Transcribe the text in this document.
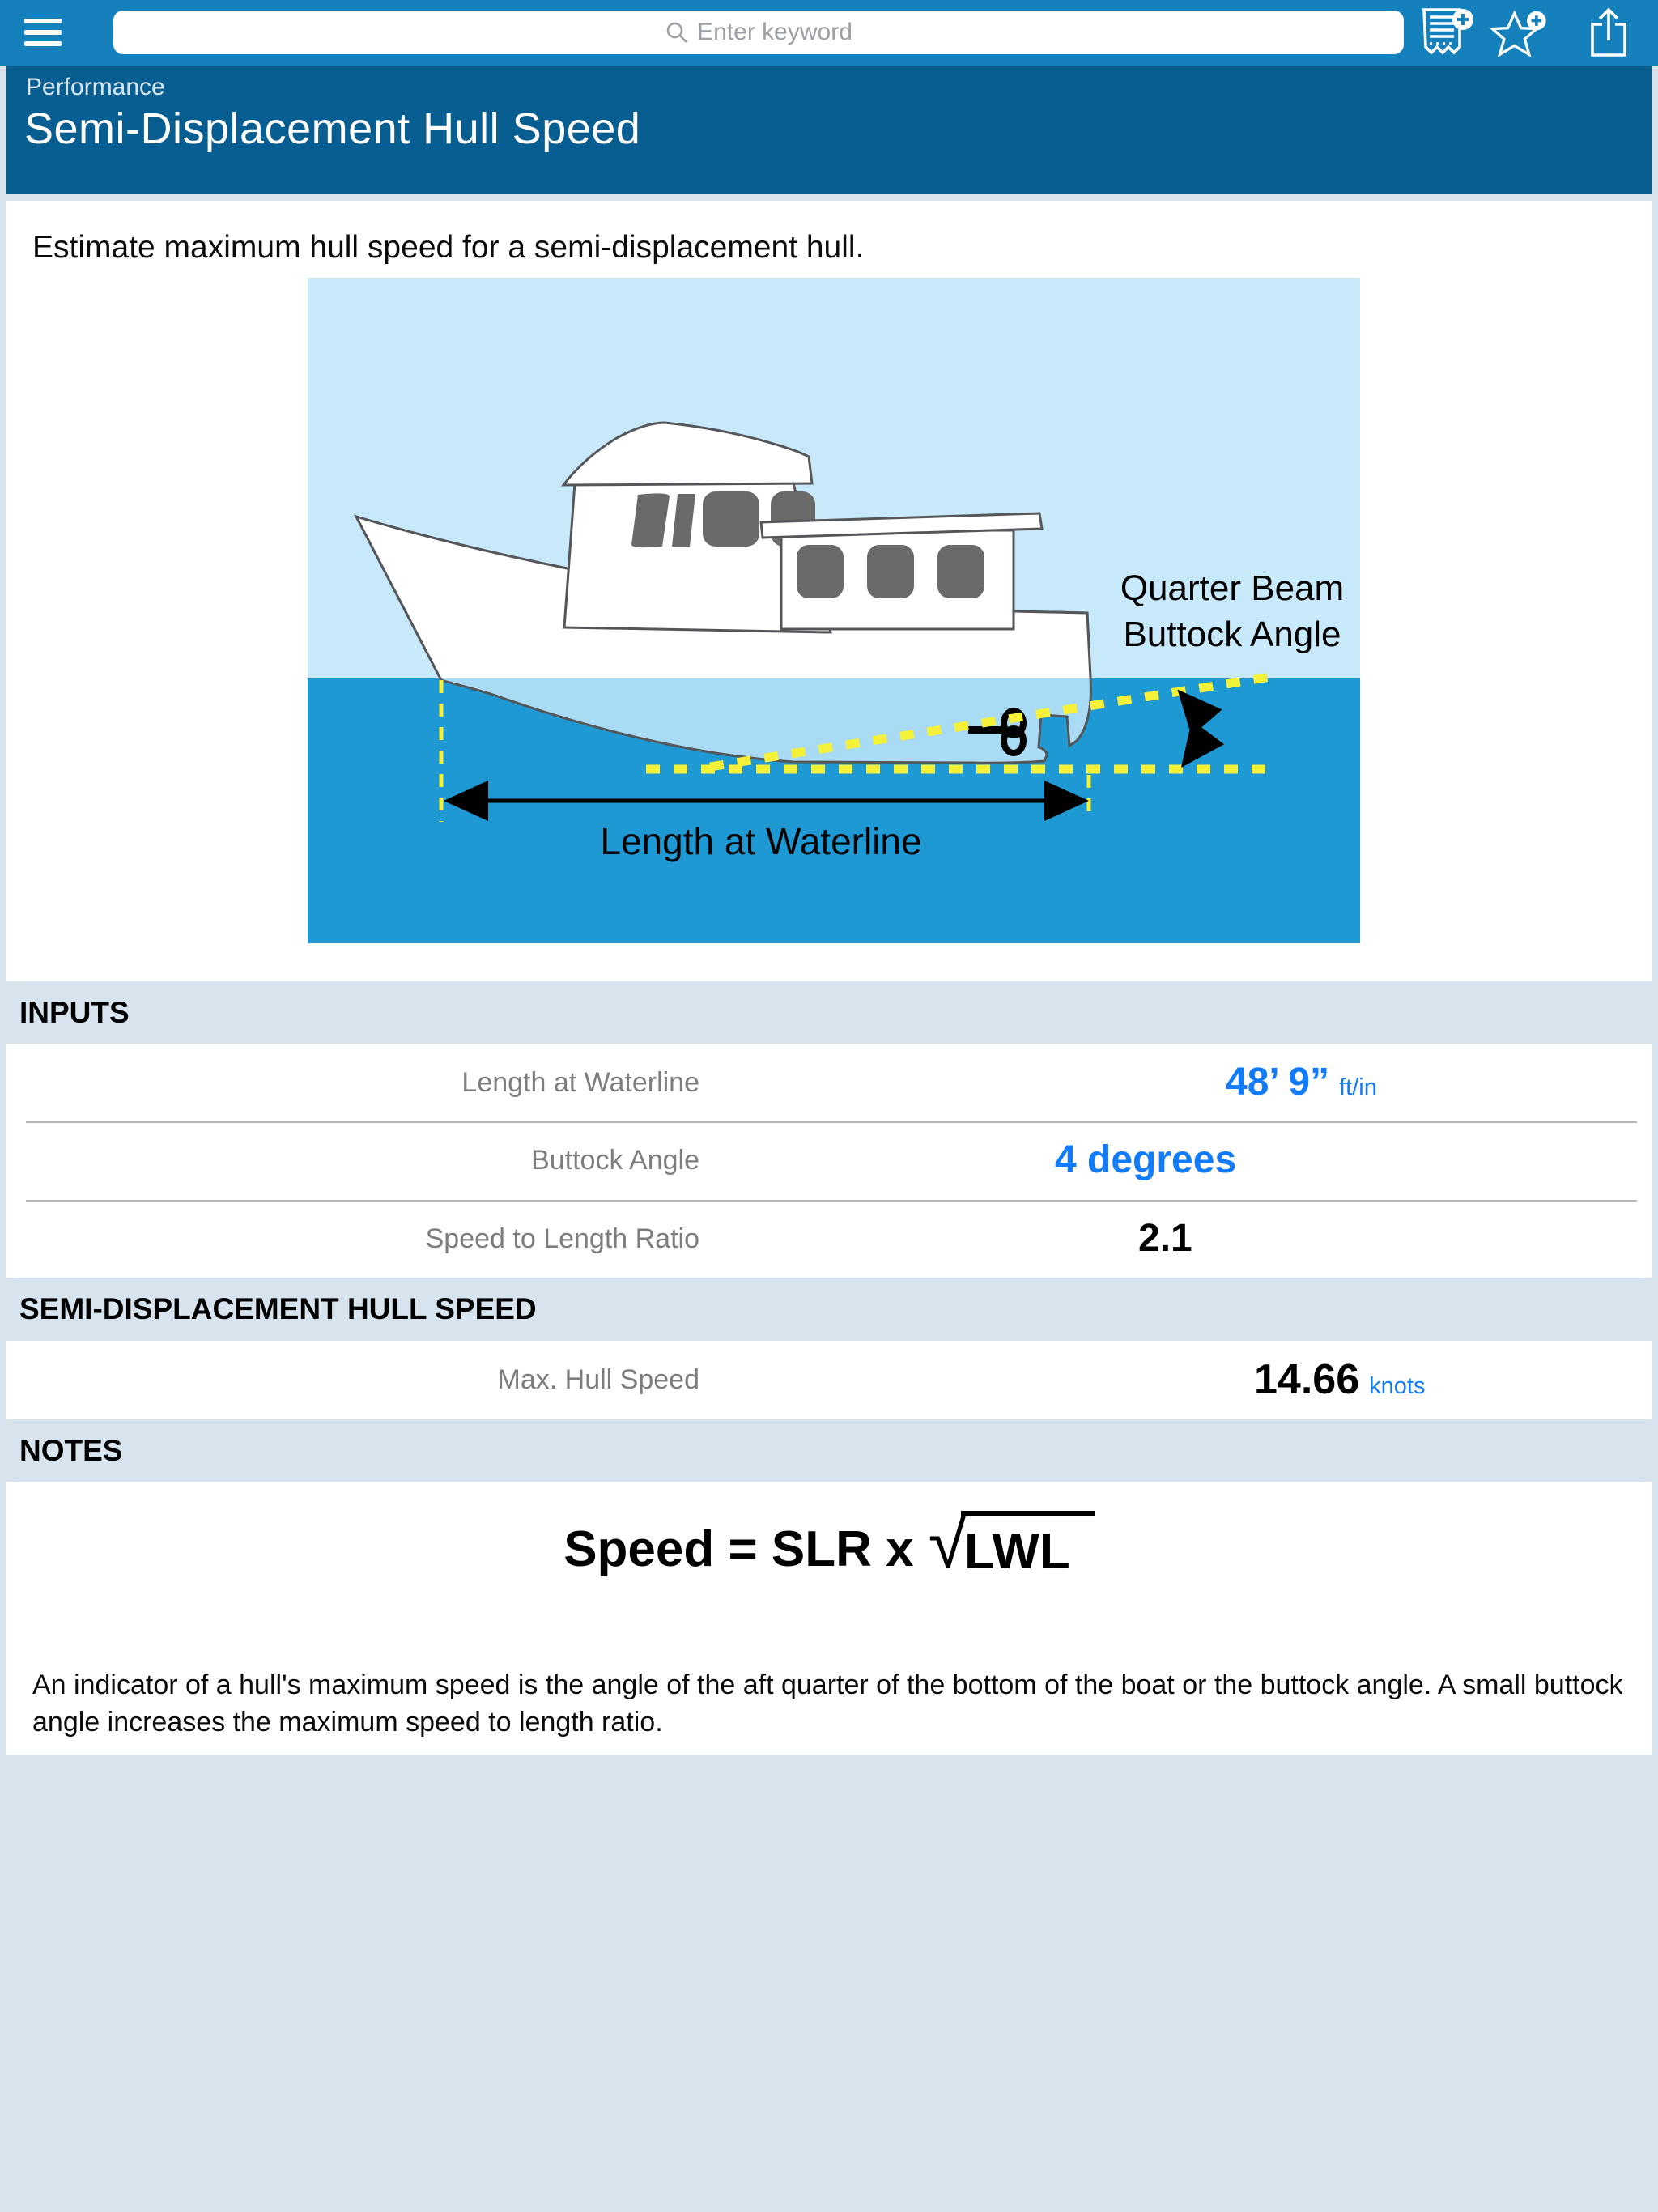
Enter keyword
Performance
Semi-Displacement Hull Speed
Estimate maximum hull speed for a semi-displacement hull.
Quarter Beam
Buttock Angle
Length at Waterline
INPUTS
Length at Waterline	48’ 9” ft/in
Buttock Angle	4 degrees
Speed to Length Ratio	2.1
SEMI-DISPLACEMENT HULL SPEED
Max. Hull Speed	14.66 knots
NOTES
Speed = SLR x √
LWL
An indicator of a hull's maximum speed is the angle of the aft quarter of the bottom of the boat or the buttock angle. A small buttock angle increases the maximum speed to length ratio.
